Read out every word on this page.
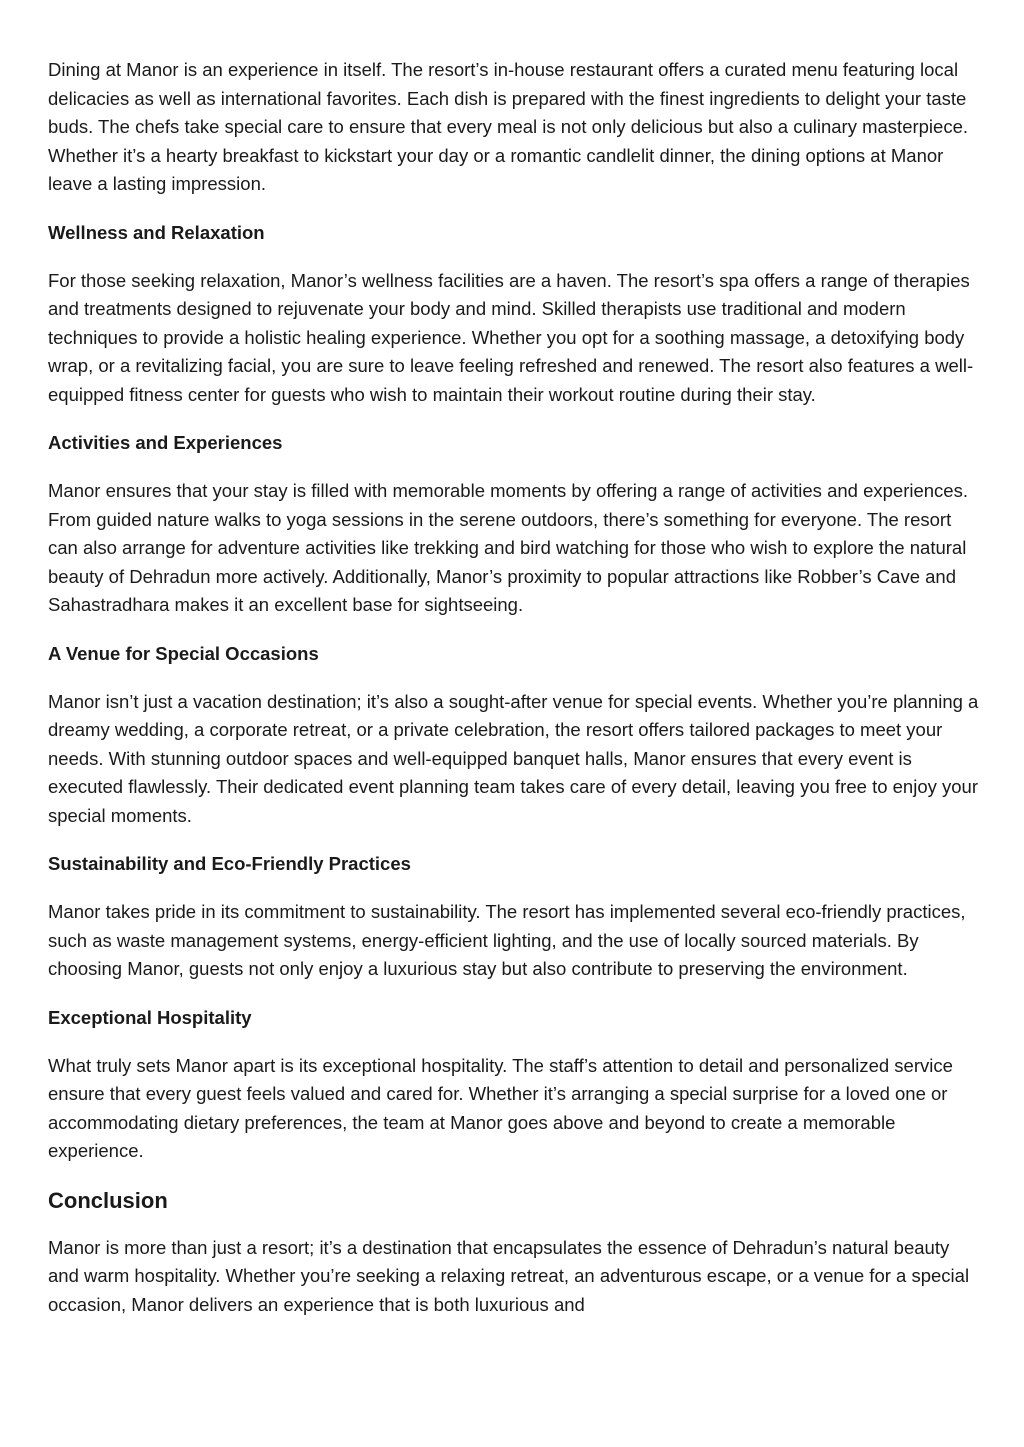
Dining at Manor is an experience in itself. The resort’s in-house restaurant offers a curated menu featuring local delicacies as well as international favorites. Each dish is prepared with the finest ingredients to delight your taste buds. The chefs take special care to ensure that every meal is not only delicious but also a culinary masterpiece. Whether it’s a hearty breakfast to kickstart your day or a romantic candlelit dinner, the dining options at Manor leave a lasting impression.

Wellness and Relaxation

For those seeking relaxation, Manor’s wellness facilities are a haven. The resort’s spa offers a range of therapies and treatments designed to rejuvenate your body and mind. Skilled therapists use traditional and modern techniques to provide a holistic healing experience. Whether you opt for a soothing massage, a detoxifying body wrap, or a revitalizing facial, you are sure to leave feeling refreshed and renewed. The resort also features a well-equipped fitness center for guests who wish to maintain their workout routine during their stay.

Activities and Experiences

Manor ensures that your stay is filled with memorable moments by offering a range of activities and experiences. From guided nature walks to yoga sessions in the serene outdoors, there’s something for everyone. The resort can also arrange for adventure activities like trekking and bird watching for those who wish to explore the natural beauty of Dehradun more actively. Additionally, Manor’s proximity to popular attractions like Robber’s Cave and Sahastradhara makes it an excellent base for sightseeing.

A Venue for Special Occasions

Manor isn’t just a vacation destination; it’s also a sought-after venue for special events. Whether you’re planning a dreamy wedding, a corporate retreat, or a private celebration, the resort offers tailored packages to meet your needs. With stunning outdoor spaces and well-equipped banquet halls, Manor ensures that every event is executed flawlessly. Their dedicated event planning team takes care of every detail, leaving you free to enjoy your special moments.

Sustainability and Eco-Friendly Practices

Manor takes pride in its commitment to sustainability. The resort has implemented several eco-friendly practices, such as waste management systems, energy-efficient lighting, and the use of locally sourced materials. By choosing Manor, guests not only enjoy a luxurious stay but also contribute to preserving the environment.

Exceptional Hospitality

What truly sets Manor apart is its exceptional hospitality. The staff’s attention to detail and personalized service ensure that every guest feels valued and cared for. Whether it’s arranging a special surprise for a loved one or accommodating dietary preferences, the team at Manor goes above and beyond to create a memorable experience.

Conclusion

Manor is more than just a resort; it’s a destination that encapsulates the essence of Dehradun’s natural beauty and warm hospitality. Whether you’re seeking a relaxing retreat, an adventurous escape, or a venue for a special occasion, Manor delivers an experience that is both luxurious and
